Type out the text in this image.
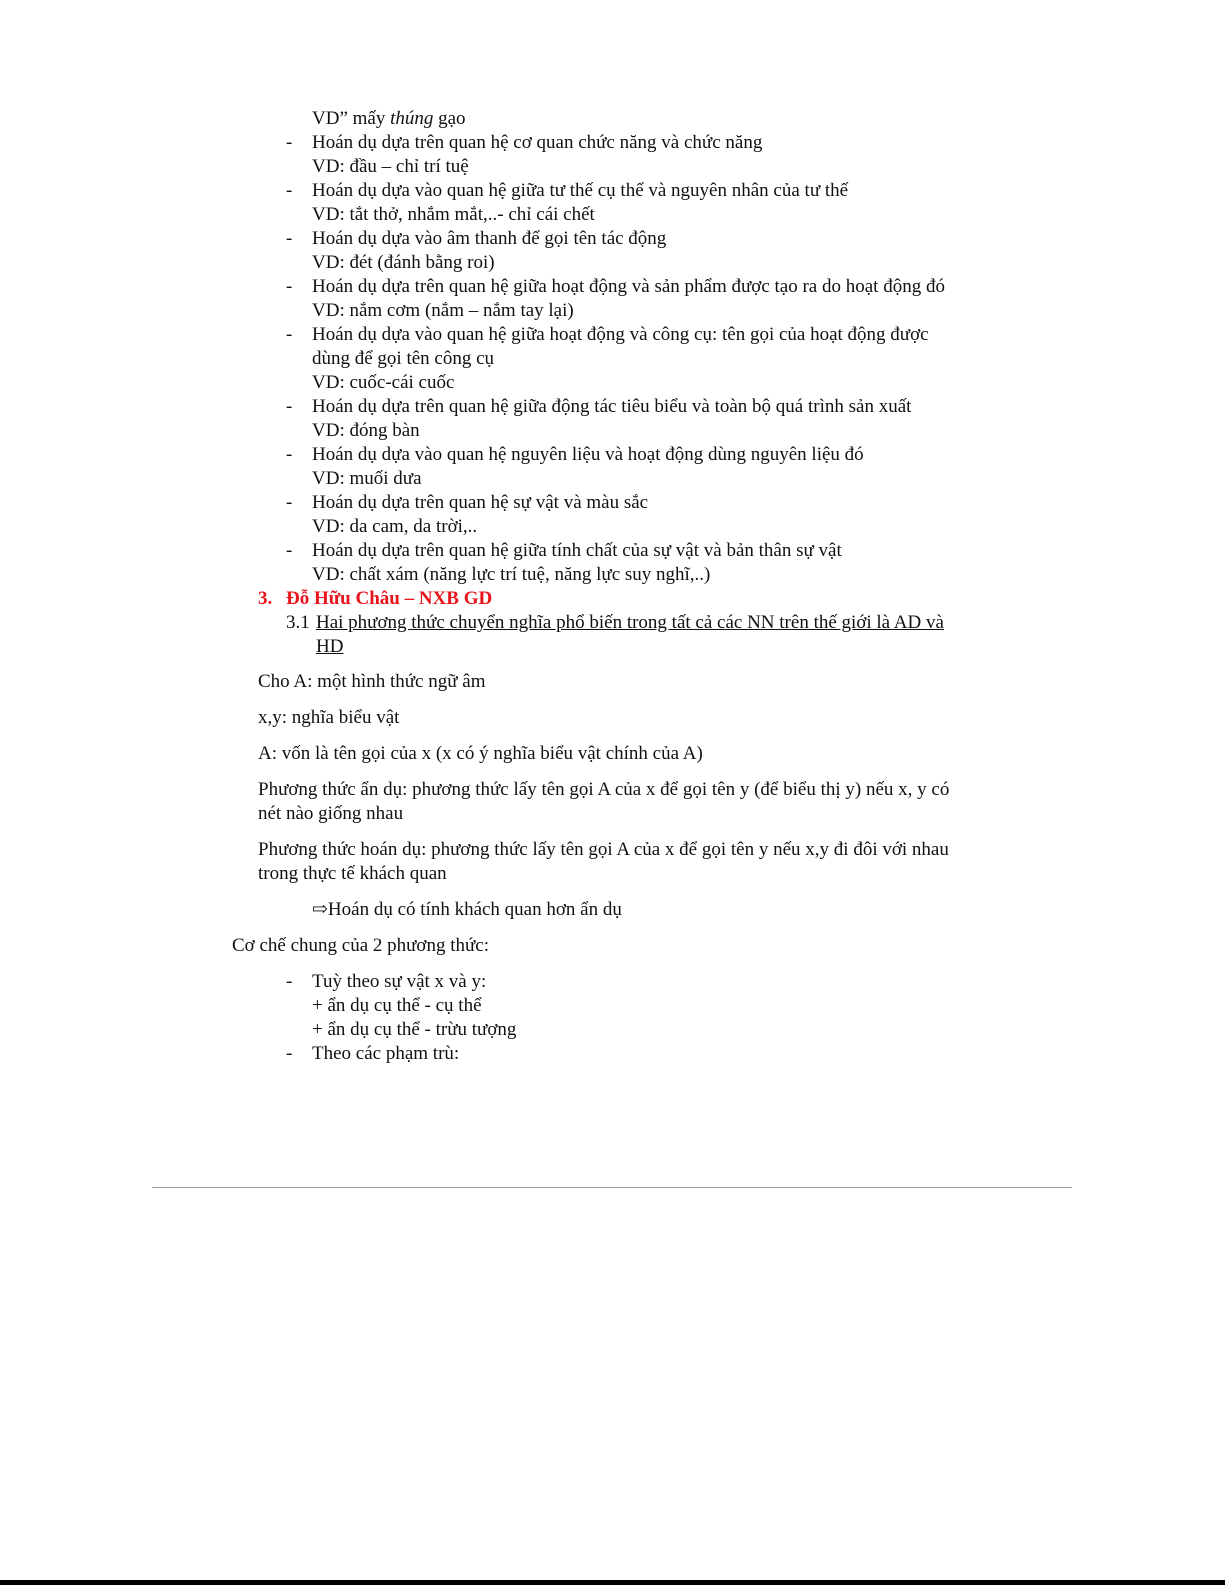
VD” mấy thúng gạo
- Hoán dụ dựa trên quan hệ cơ quan chức năng và chức năng
VD: đầu – chỉ trí tuệ
- Hoán dụ dựa vào quan hệ giữa tư thế cụ thể và nguyên nhân của tư thế
VD: tắt thở, nhắm mắt,..- chỉ cái chết
- Hoán dụ dựa vào âm thanh để gọi tên tác động
VD: đét (đánh bằng roi)
- Hoán dụ dựa trên quan hệ giữa hoạt động và sản phẩm được tạo ra do hoạt động đó
VD: nắm cơm (nắm – nắm tay lại)
- Hoán dụ dựa vào quan hệ giữa hoạt động và công cụ: tên gọi của hoạt động được
dùng để gọi tên công cụ
VD: cuốc-cái cuốc
- Hoán dụ dựa trên quan hệ giữa động tác tiêu biểu và toàn bộ quá trình sản xuất
VD: đóng bàn
- Hoán dụ dựa vào quan hệ nguyên liệu và hoạt động dùng nguyên liệu đó
VD: muối dưa
- Hoán dụ dựa trên quan hệ sự vật và màu sắc
VD: da cam, da trời,..
- Hoán dụ dựa trên quan hệ giữa tính chất của sự vật và bản thân sự vật
VD: chất xám (năng lực trí tuệ, năng lực suy nghĩ,..)
3. Đỗ Hữu Châu – NXB GD
3.1 Hai phương thức chuyển nghĩa phổ biến trong tất cả các NN trên thế giới là AD và
HD
Cho A: một hình thức ngữ âm
x,y: nghĩa biểu vật
A: vốn là tên gọi của x (x có ý nghĩa biểu vật chính của A)
Phương thức ẩn dụ: phương thức lấy tên gọi A của x để gọi tên y (để biểu thị y) nếu x, y có
nét nào giống nhau
Phương thức hoán dụ: phương thức lấy tên gọi A của x để gọi tên y nếu x,y đi đôi với nhau
trong thực tế khách quan
⇨Hoán dụ có tính khách quan hơn ẩn dụ
Cơ chế chung của 2 phương thức:
- Tuỳ theo sự vật x và y:
+ ẩn dụ cụ thể - cụ thể
+ ẩn dụ cụ thể - trừu tượng
- Theo các phạm trù:
